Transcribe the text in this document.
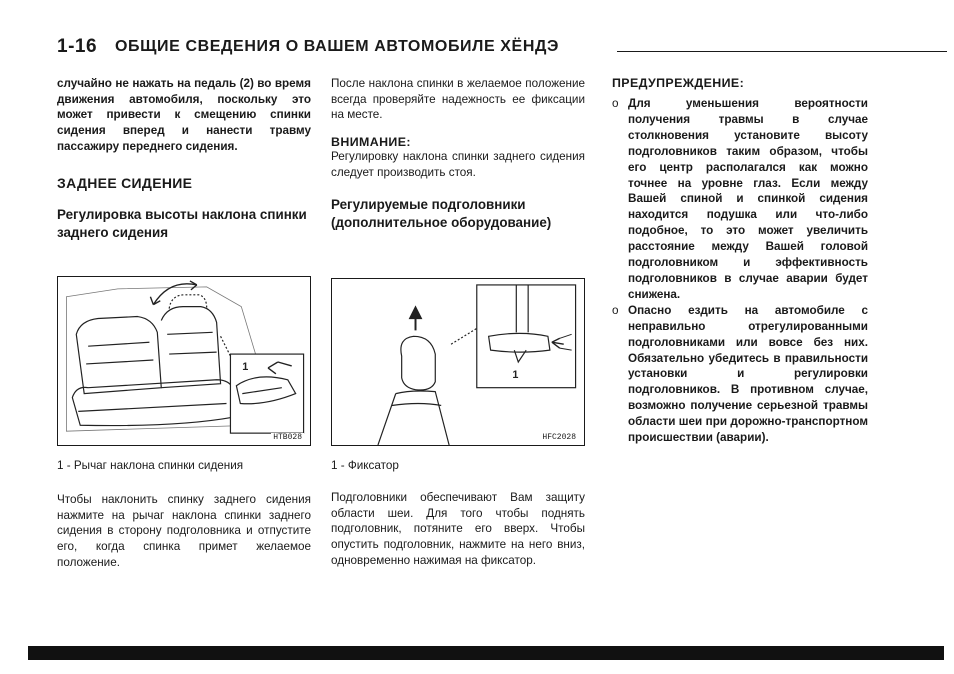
1-16 ОБЩИЕ СВЕДЕНИЯ О ВАШЕМ АВТОМОБИЛЕ ХЁНДЭ

случайно не нажать на педаль (2) во время движения автомобиля, поскольку это может привести к смещению спинки сидения вперед и нанести травму пассажиру переднего сидения.

ЗАДНЕЕ СИДЕНИЕ
Регулировка высоты наклона спинки заднего сидения
1
HTB028
1 - Рычаг наклона спинки сидения

Чтобы наклонить спинку заднего сидения нажмите на рычаг наклона спинки заднего сидения в сторону подголовника и отпустите его, когда спинка примет желаемое положение.

После наклона спинки в желаемое положение всегда проверяйте надежность ее фиксации на месте.

ВНИМАНИЕ:

Регулировку наклона спинки заднего сидения следует производить стоя.

Регулируемые подголовники (дополнительное оборудование)
1
HFC2028
1 - Фиксатор

Подголовники обеспечивают Вам защиту области шеи. Для того чтобы поднять подголовник, потяните его вверх. Чтобы опустить подголовник, нажмите на него вниз, одновременно нажимая на фиксатор.

ПРЕДУПРЕЖДЕНИЕ:
o Для уменьшения вероятности получения травмы в случае столкновения установите высоту подголовников таким образом, чтобы его центр располагался как можно точнее на уровне глаз. Если между Вашей спиной и спинкой сидения находится подушка или что-либо подобное, то это может увеличить расстояние между Вашей головой подголовником и эффективность подголовников в случае аварии будет снижена.
o Опасно ездить на автомобиле с неправильно отрегулированными подголовниками или вовсе без них. Обязательно убедитесь в правильности установки и регулировки подголовников. В противном случае, возможно получение серьезной травмы области шеи при дорожно-транспортном происшествии (аварии).
